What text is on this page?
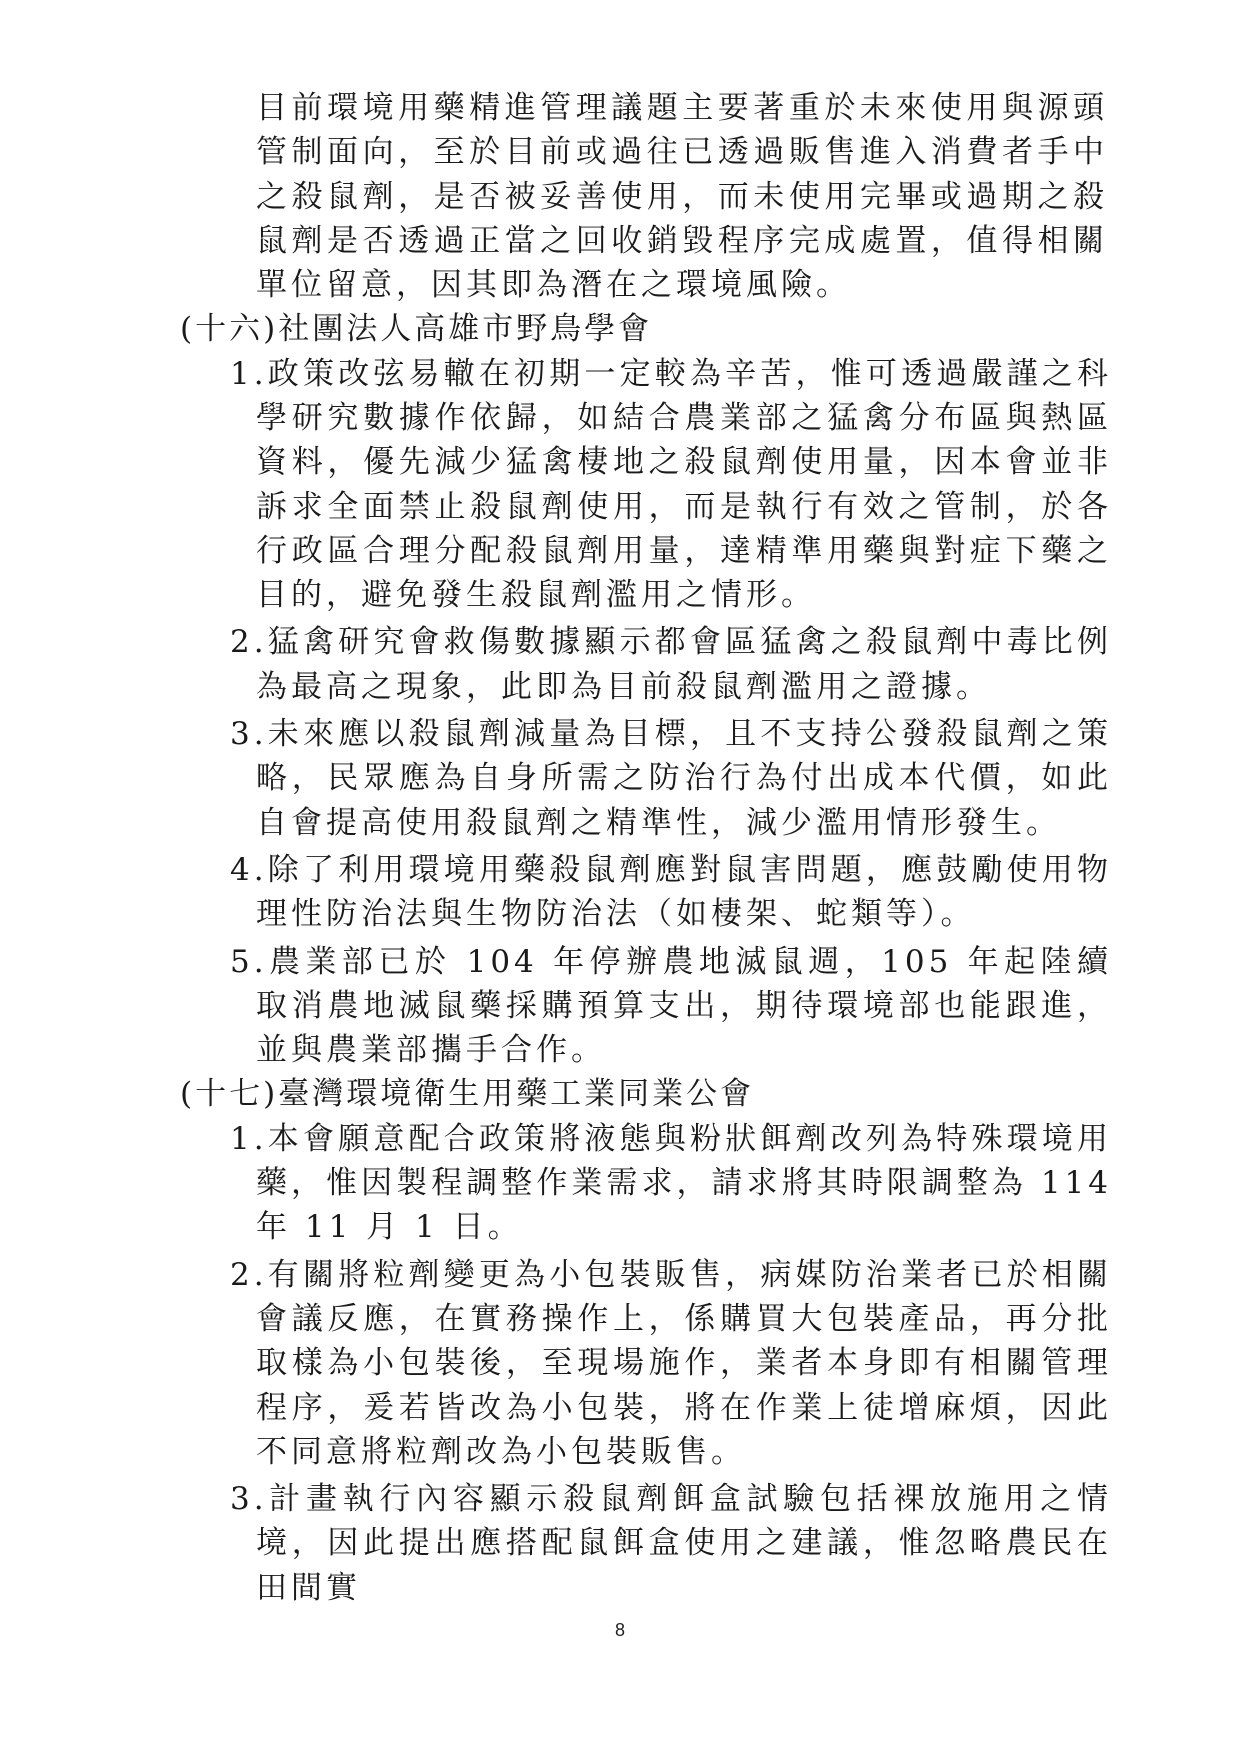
目前環境用藥精進管理議題主要著重於未來使用與源頭管制面向，至於目前或過往已透過販售進入消費者手中之殺鼠劑，是否被妥善使用，而未使用完畢或過期之殺鼠劑是否透過正當之回收銷毀程序完成處置，值得相關單位留意，因其即為潛在之環境風險。
(十六)社團法人高雄市野鳥學會
1.政策改弦易轍在初期一定較為辛苦，惟可透過嚴謹之科學研究數據作依歸，如結合農業部之猛禽分布區與熱區資料，優先減少猛禽棲地之殺鼠劑使用量，因本會並非訴求全面禁止殺鼠劑使用，而是執行有效之管制，於各行政區合理分配殺鼠劑用量，達精準用藥與對症下藥之目的，避免發生殺鼠劑濫用之情形。
2.猛禽研究會救傷數據顯示都會區猛禽之殺鼠劑中毒比例為最高之現象，此即為目前殺鼠劑濫用之證據。
3.未來應以殺鼠劑減量為目標，且不支持公發殺鼠劑之策略，民眾應為自身所需之防治行為付出成本代價，如此自會提高使用殺鼠劑之精準性，減少濫用情形發生。
4.除了利用環境用藥殺鼠劑應對鼠害問題，應鼓勵使用物理性防治法與生物防治法（如棲架、蛇類等）。
5.農業部已於 104 年停辦農地滅鼠週，105 年起陸續取消農地滅鼠藥採購預算支出，期待環境部也能跟進，並與農業部攜手合作。
(十七)臺灣環境衛生用藥工業同業公會
1.本會願意配合政策將液態與粉狀餌劑改列為特殊環境用藥，惟因製程調整作業需求，請求將其時限調整為 114 年 11 月 1 日。
2.有關將粒劑變更為小包裝販售，病媒防治業者已於相關會議反應，在實務操作上，係購買大包裝產品，再分批取樣為小包裝後，至現場施作，業者本身即有相關管理程序，爰若皆改為小包裝，將在作業上徒增麻煩，因此不同意將粒劑改為小包裝販售。
3.計畫執行內容顯示殺鼠劑餌盒試驗包括裸放施用之情境，因此提出應搭配鼠餌盒使用之建議，惟忽略農民在田間實
8
